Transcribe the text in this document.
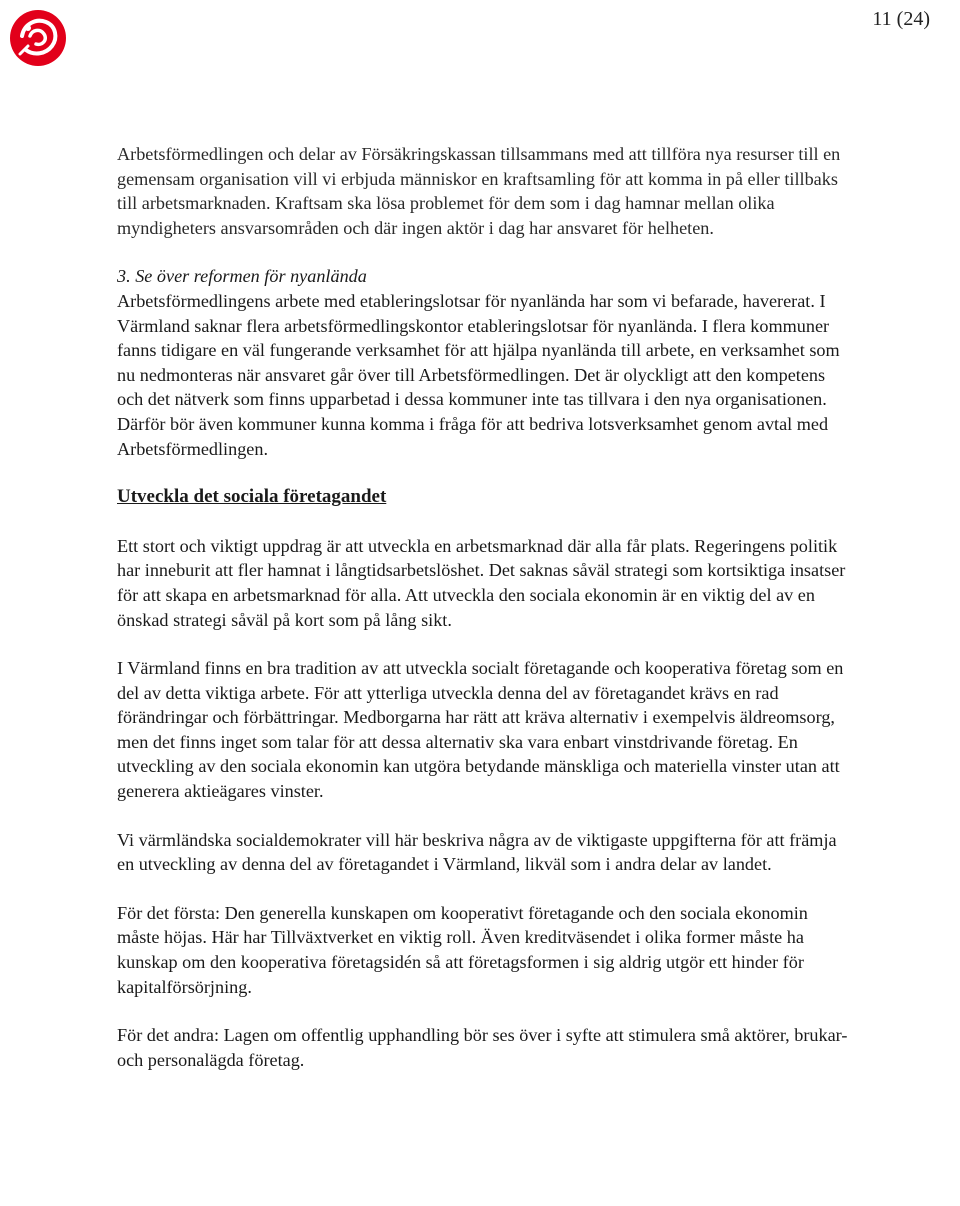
11 (24)

Arbetsförmedlingen och delar av Försäkringskassan tillsammans med att tillföra nya resurser till en gemensam organisation vill vi erbjuda människor en kraftsamling för att komma in på eller tillbaks till arbetsmarknaden. Kraftsam ska lösa problemet för dem som i dag hamnar mellan olika myndigheters ansvarsområden och där ingen aktör i dag har ansvaret för helheten.

3. Se över reformen för nyanlända

Arbetsförmedlingens arbete med etableringslotsar för nyanlända har som vi befarade, havererat. I Värmland saknar flera arbetsförmedlingskontor etableringslotsar för nyanlända. I flera kommuner fanns tidigare en väl fungerande verksamhet för att hjälpa nyanlända till arbete, en verksamhet som nu nedmonteras när ansvaret går över till Arbetsförmedlingen. Det är olyckligt att den kompetens och det nätverk som finns upparbetad i dessa kommuner inte tas tillvara i den nya organisationen. Därför bör även kommuner kunna komma i fråga för att bedriva lotsverksamhet genom avtal med Arbetsförmedlingen.

Utveckla det sociala företagandet

Ett stort och viktigt uppdrag är att utveckla en arbetsmarknad där alla får plats. Regeringens politik har inneburit att fler hamnat i långtidsarbetslöshet. Det saknas såväl strategi som kortsiktiga insatser för att skapa en arbetsmarknad för alla. Att utveckla den sociala ekonomin är en viktig del av en önskad strategi såväl på kort som på lång sikt.

I Värmland finns en bra tradition av att utveckla socialt företagande och kooperativa företag som en del av detta viktiga arbete. För att ytterliga utveckla denna del av företagandet krävs en rad förändringar och förbättringar. Medborgarna har rätt att kräva alternativ i exempelvis äldreomsorg, men det finns inget som talar för att dessa alternativ ska vara enbart vinstdrivande företag. En utveckling av den sociala ekonomin kan utgöra betydande mänskliga och materiella vinster utan att generera aktieägares vinster.

Vi värmländska socialdemokrater vill här beskriva några av de viktigaste uppgifterna för att främja en utveckling av denna del av företagandet i Värmland, likväl som i andra delar av landet.

För det första: Den generella kunskapen om kooperativt företagande och den sociala ekonomin måste höjas. Här har Tillväxtverket en viktig roll. Även kreditväsendet i olika former måste ha kunskap om den kooperativa företagsidén så att företagsformen i sig aldrig utgör ett hinder för kapitalförsörjning.

För det andra: Lagen om offentlig upphandling bör ses över i syfte att stimulera små aktörer, brukar- och personalägda företag.
